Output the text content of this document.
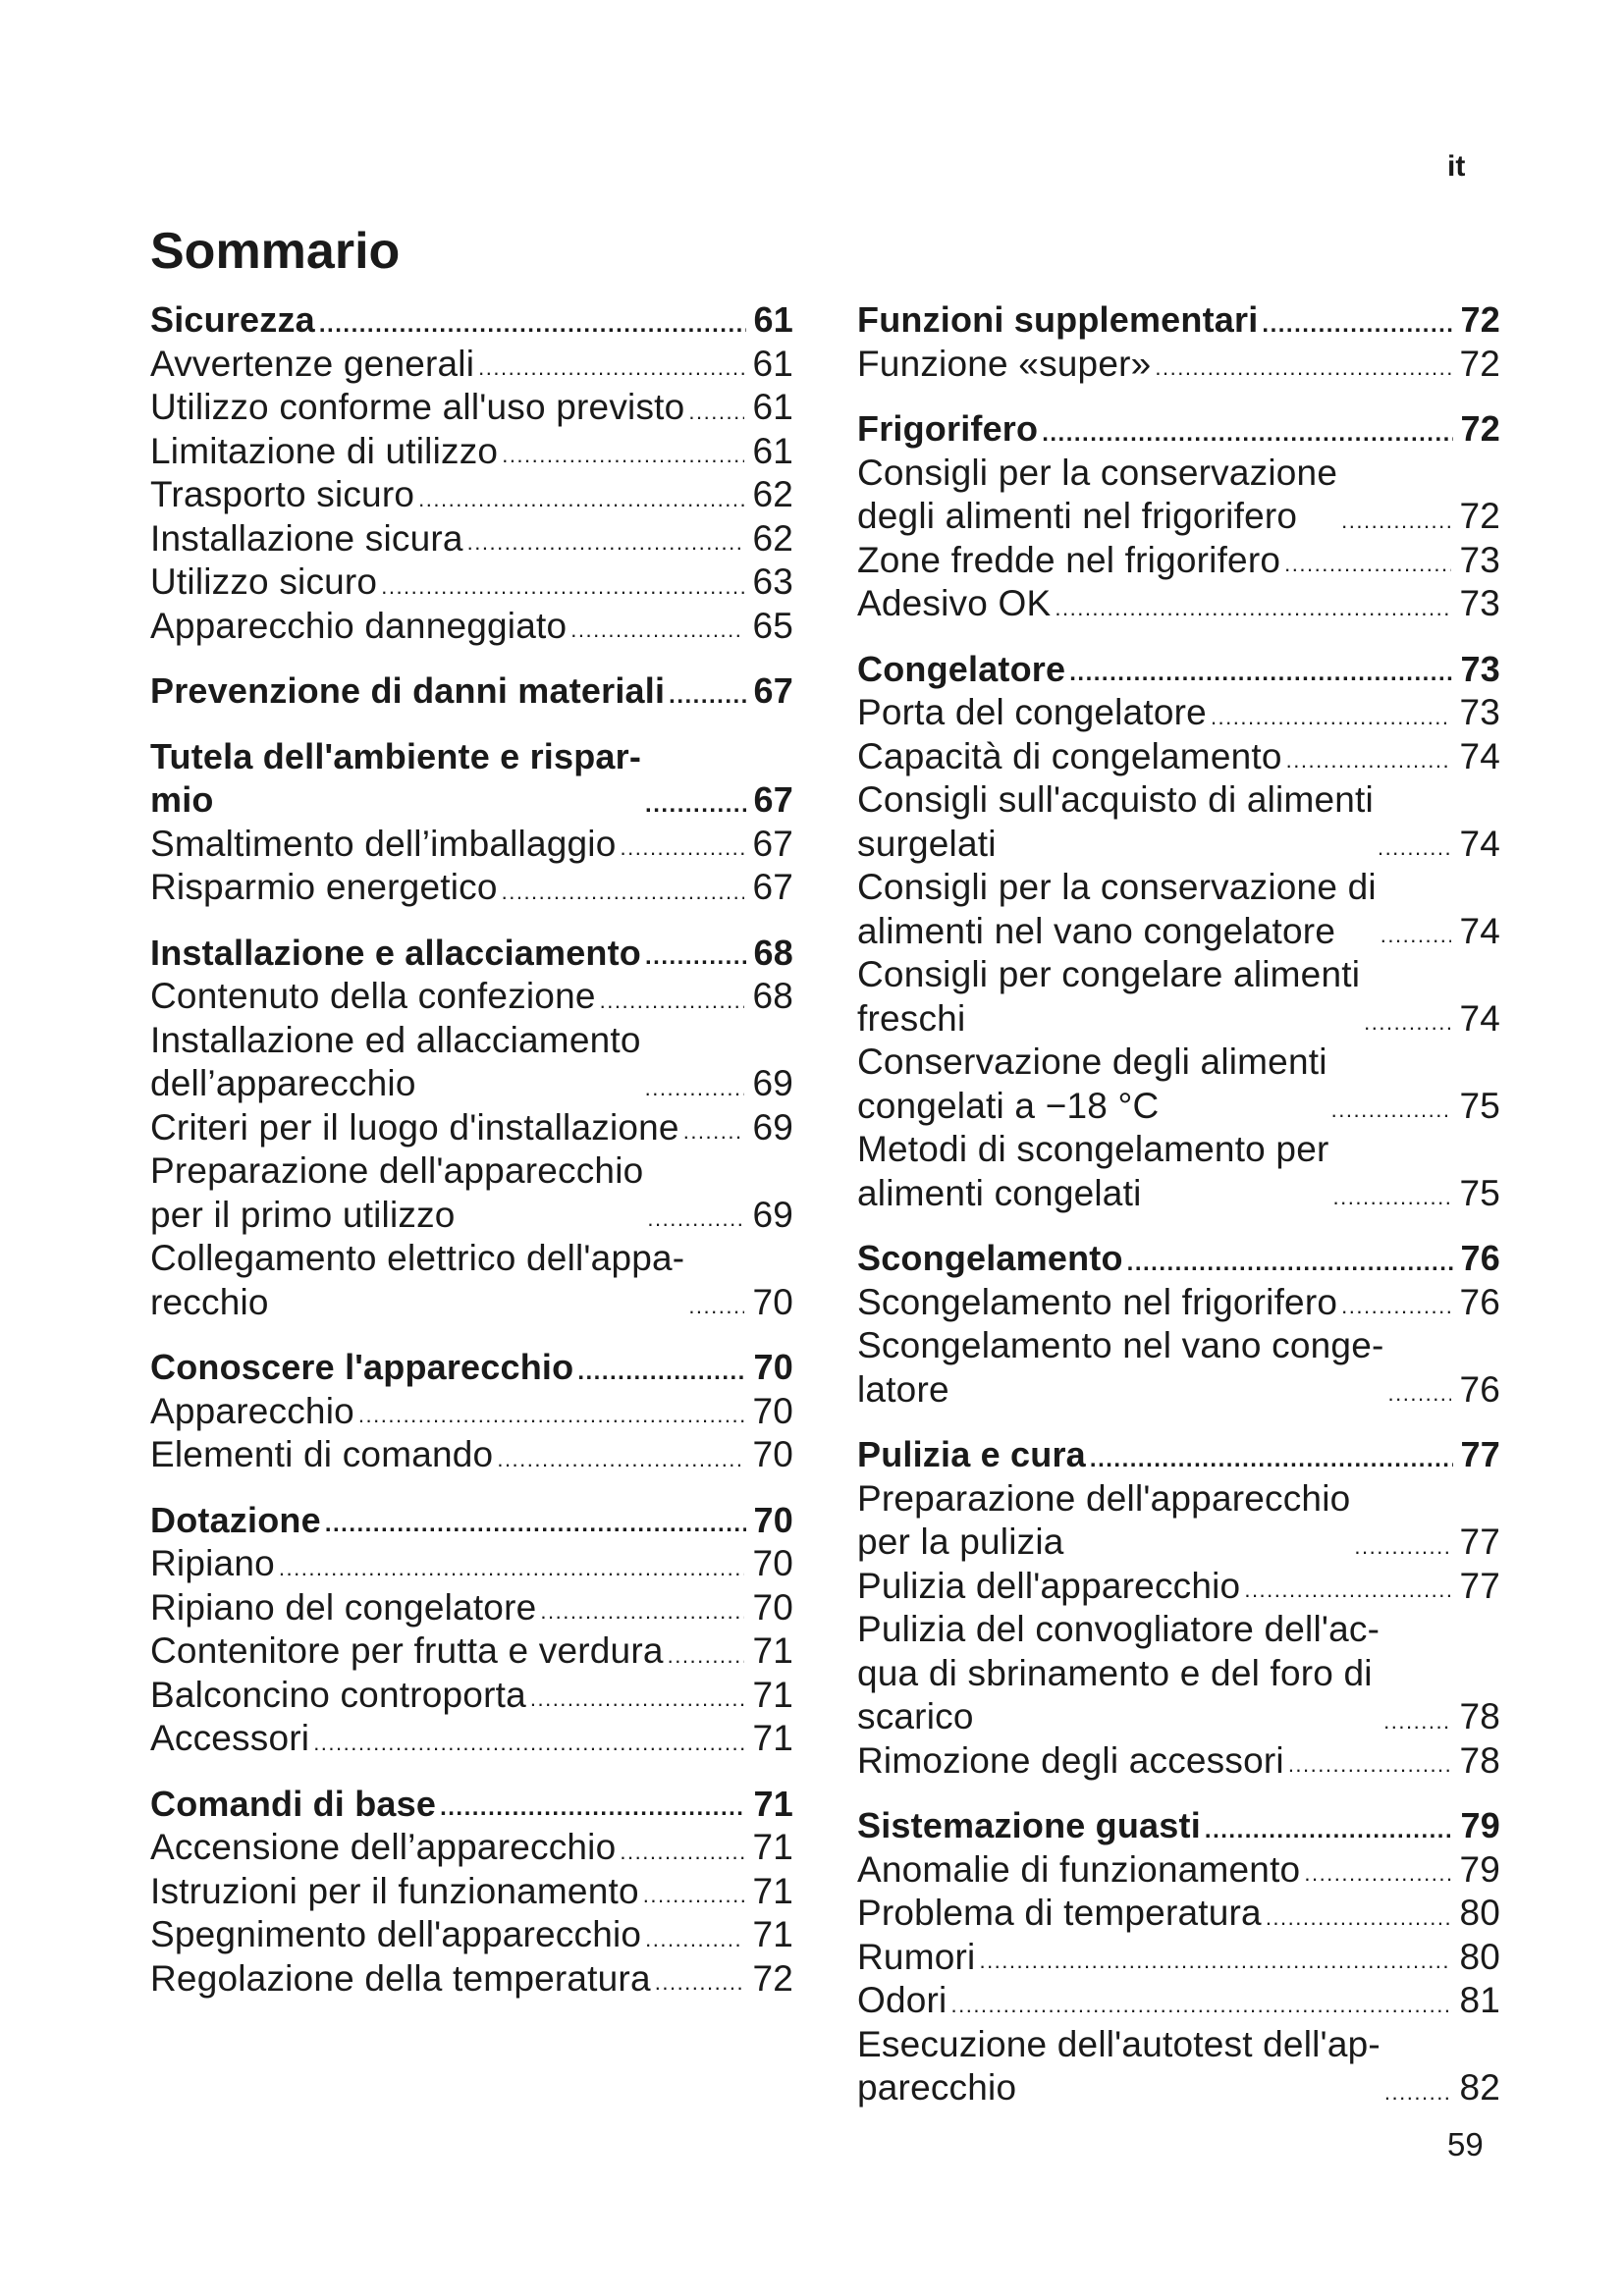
it
Sommario
Sicurezza .....	61
Avvertenze generali .....	61
Utilizzo conforme all'uso previsto ..... 61
Limitazione di utilizzo .....	61
Trasporto sicuro .....	62
Installazione sicura .....	62
Utilizzo sicuro .....	63
Apparecchio danneggiato .....	65
Prevenzione di danni materiali .....	67
Tutela dell'ambiente e rispar-
mio .....	67
Smaltimento dell’imballaggio .....	67
Risparmio energetico .....	67
Installazione e allacciamento .....	68
Contenuto della confezione .....	68
Installazione ed allacciamento
dell’apparecchio .....	69
Criteri per il luogo d'installazione ..... 69
Preparazione dell'apparecchio
per il primo utilizzo .....	69
Collegamento elettrico dell'appa-
recchio .....	70
Conoscere l'apparecchio .....	70
Apparecchio .....	70
Elementi di comando .....	70
Dotazione .....	70
Ripiano .....	70
Ripiano del congelatore .....	70
Contenitore per frutta e verdura ..... 71
Balconcino controporta .....	71
Accessori .....	71
Comandi di base .....	71
Accensione dell’apparecchio .....	71
Istruzioni per il funzionamento .....	71
Spegnimento dell'apparecchio .....	71
Regolazione della temperatura .....	72
Funzioni supplementari .....	72
Funzione «super» .....	72
Frigorifero .....	72
Consigli per la conservazione
degli alimenti nel frigorifero .....	72
Zone fredde nel frigorifero .....	73
Adesivo OK .....	73
Congelatore .....	73
Porta del congelatore .....	73
Capacità di congelamento .....	74
Consigli sull'acquisto di alimenti
surgelati .....	74
Consigli per la conservazione di
alimenti nel vano congelatore .....	74
Consigli per congelare alimenti
freschi .....	74
Conservazione degli alimenti
congelati a −18 °C .....	75
Metodi di scongelamento per
alimenti congelati .....	75
Scongelamento .....	76
Scongelamento nel frigorifero .....	76
Scongelamento nel vano conge-
latore .....	76
Pulizia e cura .....	77
Preparazione dell'apparecchio
per la pulizia .....	77
Pulizia dell'apparecchio .....	77
Pulizia del convogliatore dell'ac-
qua di sbrinamento e del foro di
scarico .....	78
Rimozione degli accessori .....	78
Sistemazione guasti .....	79
Anomalie di funzionamento .....	79
Problema di temperatura .....	80
Rumori .....	80
Odori .....	81
Esecuzione dell'autotest dell'ap-
parecchio .....	82
59
